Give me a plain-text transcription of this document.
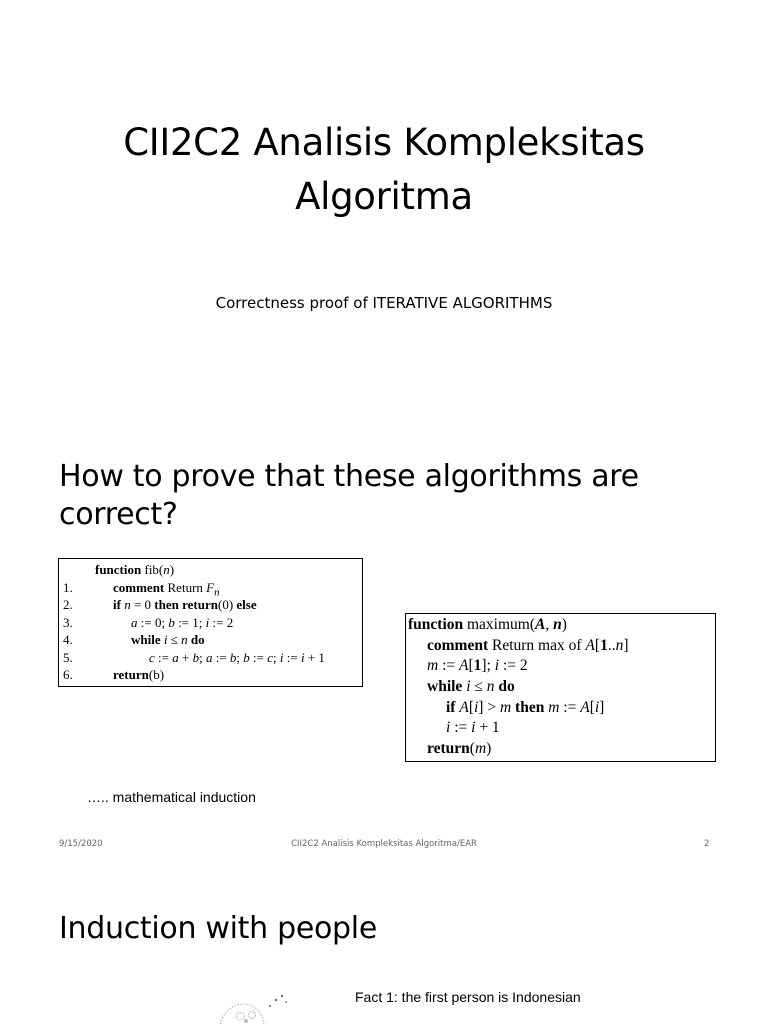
CII2C2 Analisis Kompleksitas
Algoritma
Correctness proof of ITERATIVE ALGORITHMS
How to prove that these algorithms are
correct?
function fib(n)
1.	comment Return $F_n$
2.	if n = 0 then return(0) else
3.	a := 0; b := 1; i := 2
4.	while i ≤ n do
5.	c := a + b; a := b; b := c; i := i + 1
6.	return(b)
function maximum(A, n)
comment Return max of A[1..n]
m := A[1]; i := 2
while i ≤ n do
if A[i] > m then m := A[i]
i := i + 1
return(m)
….. mathematical induction
9/15/2020	CII2C2 Analisis Kompleksitas Algoritma/EAR	2
Induction with people
Fact 1: the first person is Indonesian
